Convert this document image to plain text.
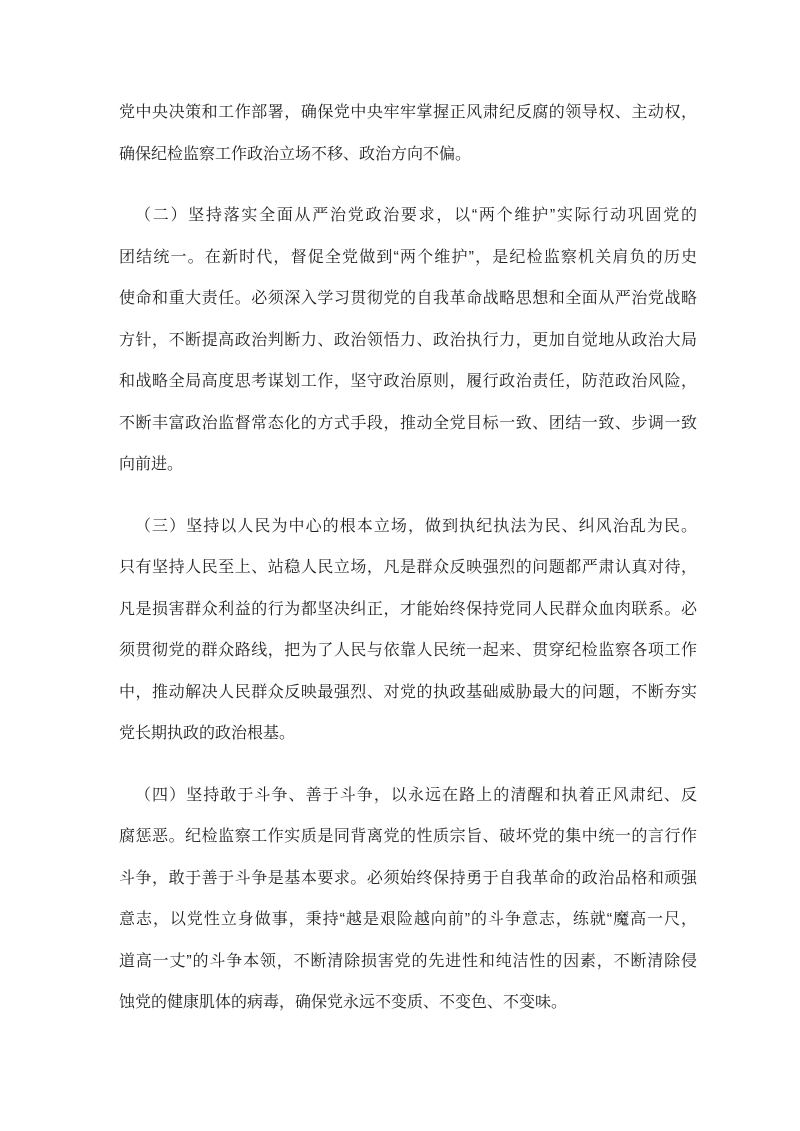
党中央决策和工作部署，确保党中央牢牢掌握正风肃纪反腐的领导权、主动权，
确保纪检监察工作政治立场不移、政治方向不偏。
（二）坚持落实全面从严治党政治要求，以“两个维护”实际行动巩固党的
团结统一。在新时代，督促全党做到“两个维护”，是纪检监察机关肩负的历史
使命和重大责任。必须深入学习贯彻党的自我革命战略思想和全面从严治党战略
方针，不断提高政治判断力、政治领悟力、政治执行力，更加自觉地从政治大局
和战略全局高度思考谋划工作，坚守政治原则，履行政治责任，防范政治风险，
不断丰富政治监督常态化的方式手段，推动全党目标一致、团结一致、步调一致
向前进。
（三）坚持以人民为中心的根本立场，做到执纪执法为民、纠风治乱为民。
只有坚持人民至上、站稳人民立场，凡是群众反映强烈的问题都严肃认真对待，
凡是损害群众利益的行为都坚决纠正，才能始终保持党同人民群众血肉联系。必
须贯彻党的群众路线，把为了人民与依靠人民统一起来、贯穿纪检监察各项工作
中，推动解决人民群众反映最强烈、对党的执政基础威胁最大的问题，不断夯实
党长期执政的政治根基。
（四）坚持敢于斗争、善于斗争，以永远在路上的清醒和执着正风肃纪、反
腐惩恶。纪检监察工作实质是同背离党的性质宗旨、破坏党的集中统一的言行作
斗争，敢于善于斗争是基本要求。必须始终保持勇于自我革命的政治品格和顽强
意志，以党性立身做事，秉持“越是艰险越向前”的斗争意志，练就“魔高一尺，
道高一丈”的斗争本领，不断清除损害党的先进性和纯洁性的因素，不断清除侵
蚀党的健康肌体的病毒，确保党永远不变质、不变色、不变味。
